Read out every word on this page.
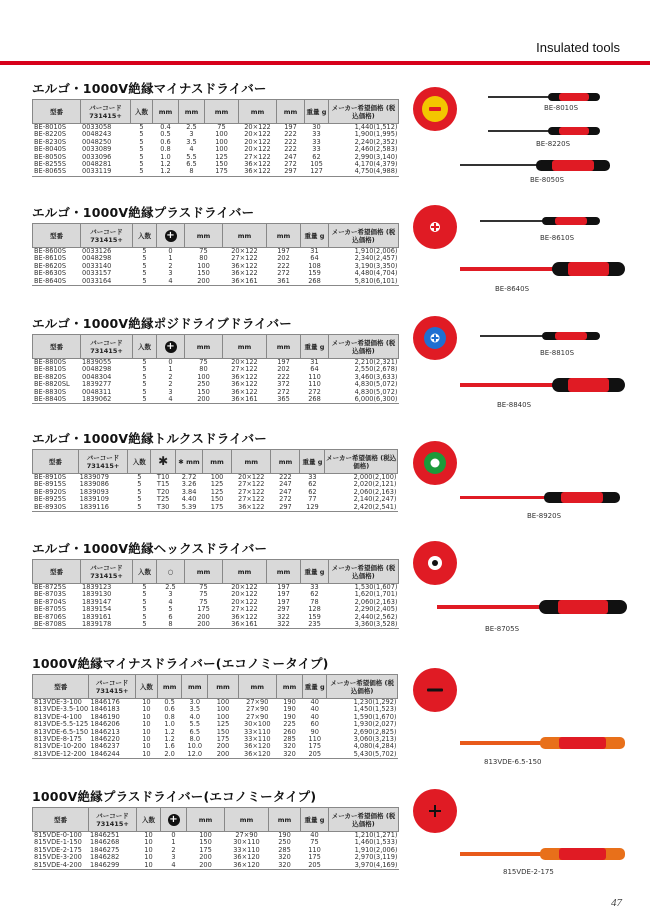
Insulated tools
エルゴ・1000V絶縁マイナスドライバー
型番	バーコード 731415+	入数	mm	mm	mm	mm	mm	重量 g	メーカー希望価格 (税込価格)
BE-8010S	0033058	5	0.4	2.5	75	20×122	197	30	1,440(1,512)
BE-8220S	0048243	5	0.5	3	100	20×122	222	33	1,900(1,995)
BE-8230S	0048250	5	0.6	3.5	100	20×122	222	33	2,240(2,352)
BE-8040S	0033089	5	0.8	4	100	20×122	222	33	2,460(2,583)
BE-8050S	0033096	5	1.0	5.5	125	27×122	247	62	2,990(3,140)
BE-8255S	0048281	5	1.2	6.5	150	36×122	272	105	4,170(4,379)
BE-8065S	0033119	5	1.2	8	175	36×122	297	127	4,750(4,988)
エルゴ・1000V絶縁プラスドライバー
型番	バーコード 731415+	入数	+	mm	mm	mm	重量 g	メーカー希望価格 (税込価格)
BE-8600S	0033126	5	0	75	20×122	197	31	1,910(2,006)
BE-8610S	0048298	5	1	80	27×122	202	64	2,340(2,457)
BE-8620S	0033140	5	2	100	36×122	222	108	3,190(3,350)
BE-8630S	0033157	5	3	150	36×122	272	159	4,480(4,704)
BE-8640S	0033164	5	4	200	36×161	361	268	5,810(6,101)
エルゴ・1000V絶縁ポジドライブドライバー
型番	バーコード 731415+	入数	+	mm	mm	mm	重量 g	メーカー希望価格 (税込価格)
BE-8800S	1839055	5	0	75	20×122	197	31	2,210(2,321)
BE-8810S	0048298	5	1	80	27×122	202	64	2,550(2,678)
BE-8820S	0048304	5	2	100	36×122	222	110	3,460(3,633)
BE-8820SL	1839277	5	2	250	36×122	372	110	4,830(5,072)
BE-8830S	0048311	5	3	150	36×122	272	272	4,830(5,072)
BE-8840S	1839062	5	4	200	36×161	365	268	6,000(6,300)
エルゴ・1000V絶縁トルクスドライバー
型番	バーコード 731415+	入数	✱	✱ mm	mm	mm	mm	重量 g	メーカー希望価格 (税込価格)
BE-8910S	1839079	5	T10	2.72	100	20×122	222	33	2,000(2,100)
BE-8915S	1839086	5	T15	3.26	125	27×122	247	62	2,020(2,121)
BE-8920S	1839093	5	T20	3.84	125	27×122	247	62	2,060(2,163)
BE-8925S	1839109	5	T25	4.40	150	27×122	272	77	2,140(2,247)
BE-8930S	1839116	5	T30	5.39	175	36×122	297	129	2,420(2,541)
エルゴ・1000V絶縁ヘックスドライバー
型番	バーコード 731415+	入数	○	mm	mm	mm	重量 g	メーカー希望価格 (税込価格)
BE-8725S	1839123	5	2.5	75	20×122	197	33	1,530(1,607)
BE-8703S	1839130	5	3	75	20×122	197	62	1,620(1,701)
BE-8704S	1839147	5	4	75	20×122	197	78	2,060(2,163)
BE-8705S	1839154	5	5	175	27×122	297	128	2,290(2,405)
BE-8706S	1839161	5	6	200	36×122	322	159	2,440(2,562)
BE-8708S	1839178	5	8	200	36×161	322	235	3,360(3,528)
1000V絶縁マイナスドライバー(エコノミータイプ)
型番	バーコード 731415+	入数	mm	mm	mm	mm	mm	重量 g	メーカー希望価格 (税込価格)
813VDE-3-100	1846176	10	0.5	3.0	100	27×90	190	40	1,230(1,292)
813VDE-3.5-100	1846183	10	0.6	3.5	100	27×90	190	40	1,450(1,523)
813VDE-4-100	1846190	10	0.8	4.0	100	27×90	190	40	1,590(1,670)
813VDE-5.5-125	1846206	10	1.0	5.5	125	30×100	225	60	1,930(2,027)
813VDE-6.5-150	1846213	10	1.2	6.5	150	33×110	260	90	2,690(2,825)
813VDE-8-175	1846220	10	1.2	8.0	175	33×110	285	110	3,060(3,213)
813VDE-10-200	1846237	10	1.6	10.0	200	36×120	320	175	4,080(4,284)
813VDE-12-200	1846244	10	2.0	12.0	200	36×120	320	205	5,430(5,702)
1000V絶縁プラスドライバー(エコノミータイプ)
型番	バーコード 731415+	入数	+	mm	mm	mm	重量 g	メーカー希望価格 (税込価格)
815VDE-0-100	1846251	10	0	100	27×90	190	40	1,210(1,271)
815VDE-1-150	1846268	10	1	150	30×110	250	75	1,460(1,533)
815VDE-2-175	1846275	10	2	175	33×110	285	110	1,910(2,006)
815VDE-3-200	1846282	10	3	200	36×120	320	175	2,970(3,119)
815VDE-4-200	1846299	10	4	200	36×120	320	205	3,970(4,169)
BE-8010S
BE-8220S
BE-8050S
BE-8610S
BE-8640S
BE-8810S
BE-8840S
BE-8920S
BE-8705S
813VDE-6.5-150
815VDE-2-175
47
